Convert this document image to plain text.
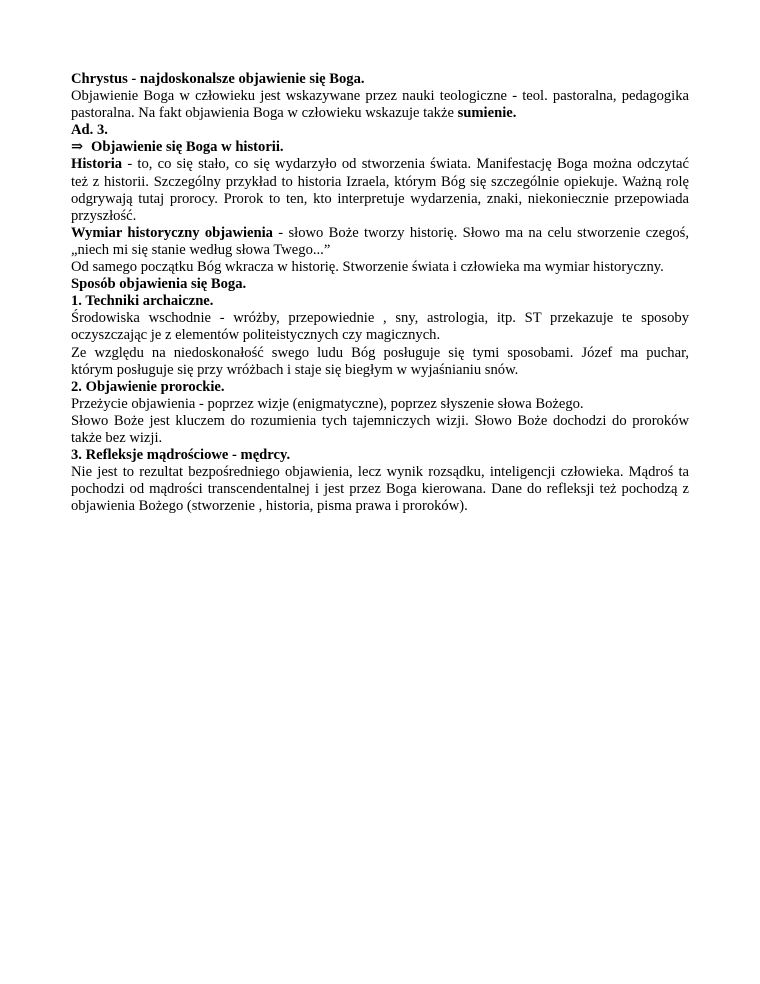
Chrystus - najdoskonalsze objawienie się Boga.
Objawienie Boga w człowieku jest wskazywane przez nauki teologiczne - teol. pastoralna, pedagogika
pastoralna. Na fakt objawienia Boga w człowieku wskazuje także sumienie.
Ad. 3.
⇒ Objawienie się Boga w historii.
Historia - to, co się stało, co się wydarzyło od stworzenia świata. Manifestację Boga można odczytać
też z historii. Szczególny przykład to historia Izraela, którym Bóg się szczególnie opiekuje. Ważną rolę
odgrywają tutaj prorocy. Prorok to ten, kto interpretuje wydarzenia, znaki, niekoniecznie przepowiada
przyszłość.
Wymiar historyczny objawienia - słowo Boże tworzy historię. Słowo ma na celu stworzenie czegoś,
„niech mi się stanie według słowa Twego...”
Od samego początku Bóg wkracza w historię. Stworzenie świata i człowieka ma wymiar historyczny.
Sposób objawienia się Boga.
1. Techniki archaiczne.
Środowiska wschodnie - wróżby, przepowiednie , sny, astrologia, itp. ST przekazuje te sposoby
oczyszczając je z elementów politeistycznych czy magicznych.
Ze względu na niedoskonałość swego ludu Bóg posługuje się tymi sposobami. Józef ma puchar,
którym posługuje się przy wróżbach i staje się biegłym w wyjaśnianiu snów.
2. Objawienie prorockie.
Przeżycie objawienia - poprzez wizje (enigmatyczne), poprzez słyszenie słowa Bożego.
Słowo Boże jest kluczem do rozumienia tych tajemniczych wizji. Słowo Boże dochodzi do proroków
także bez wizji.
3. Refleksje mądrościowe - mędrcy.
Nie jest to rezultat bezpośredniego objawienia, lecz wynik rozsądku, inteligencji człowieka. Mądroś ta
pochodzi od mądrości transcendentalnej i jest przez Boga kierowana. Dane do refleksji też pochodzą z
objawienia Bożego (stworzenie , historia, pisma prawa i proroków).
